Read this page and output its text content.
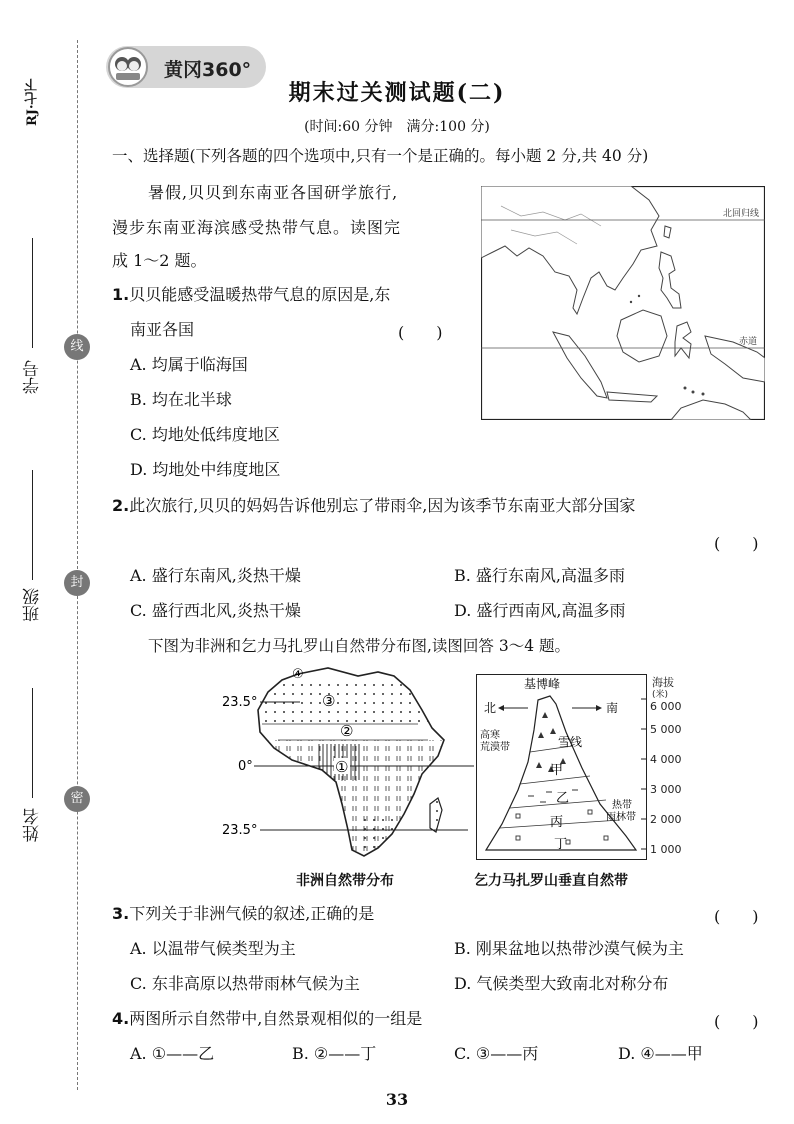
RJ·七下
学号
班级
姓名
线
封
密
黄冈360°
期末过关测试题(二)
(时间:60 分钟　满分:100 分)
一、选择题(下列各题的四个选项中,只有一个是正确的。每小题 2 分,共 40 分)
暑假,贝贝到东南亚各国研学旅行,
漫步东南亚海滨感受热带气息。读图完
成 1～2 题。
1.贝贝能感受温暖热带气息的原因是,东
南亚各国	(　　)
A. 均属于临海国
B. 均在北半球
C. 均地处低纬度地区
D. 均地处中纬度地区
北回归线
赤道
2.此次旅行,贝贝的妈妈告诉他别忘了带雨伞,因为该季节东南亚大部分国家
(　　)
A. 盛行东南风,炎热干燥	B. 盛行东南风,高温多雨
C. 盛行西北风,炎热干燥	D. 盛行西南风,高温多雨
下图为非洲和乞力马扎罗山自然带分布图,读图回答 3～4 题。
23.5°
0°
23.5°
④
③
②
①
非洲自然带分布
海拔
(米)
6 000
5 000
4 000
3 000
2 000
1 000
基博峰
北	南
高寒
荒漠带	雪线
甲
乙
丙
丁
热带
雨林带
乞力马扎罗山垂直自然带
3.下列关于非洲气候的叙述,正确的是	(　　)
A. 以温带气候类型为主	B. 刚果盆地以热带沙漠气候为主
C. 东非高原以热带雨林气候为主	D. 气候类型大致南北对称分布
4.两图所示自然带中,自然景观相似的一组是	(　　)
A. ①——乙	B. ②——丁	C. ③——丙	D. ④——甲
33
